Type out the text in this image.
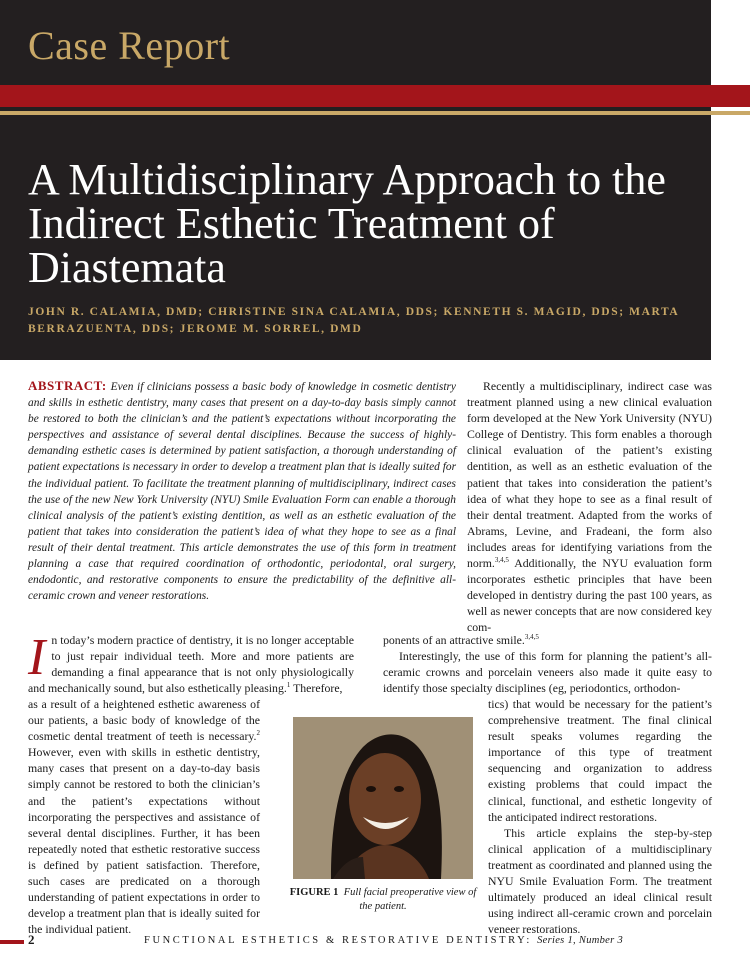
Case Report
A Multidisciplinary Approach to the Indirect Esthetic Treatment of Diastemata
JOHN R. CALAMIA, DMD; CHRISTINE SINA CALAMIA, DDS; KENNETH S. MAGID, DDS; MARTA BERRAZUENTA, DDS; JEROME M. SORREL, DMD
ABSTRACT: Even if clinicians possess a basic body of knowledge in cosmetic dentistry and skills in esthetic dentistry, many cases that present on a day-to-day basis simply cannot be restored to both the clinician’s and the patient’s expectations without incorporating the perspectives and assistance of several dental disciplines. Because the success of highly-demanding esthetic cases is determined by patient satisfaction, a thorough understanding of patient expectations is necessary in order to develop a treatment plan that is ideally suited for the individual patient. To facilitate the treatment planning of multidisciplinary, indirect cases the use of the new New York University (NYU) Smile Evaluation Form can enable a thorough clinical analysis of the patient’s existing dentition, as well as an esthetic evaluation of the patient that takes into consideration the patient’s idea of what they hope to see as a final result of their dental treatment. This article demonstrates the use of this form in treatment planning a case that required coordination of orthodontic, periodontal, oral surgery, endodontic, and restorative components to ensure the predictability of the definitive all-ceramic crown and veneer restorations.

Recently a multidisciplinary, indirect case was treatment planned using a new clinical evaluation form developed at the New York University (NYU) College of Dentistry. This form enables a thorough clinical evaluation of the patient’s existing dentition, as well as an esthetic evaluation of the patient that takes into consideration the patient’s idea of what they hope to see as a final result of their dental treatment. Adapted from the works of Abrams, Levine, and Fradeani, the form also includes areas for identifying variations from the norm.$^{3,4,5}$ Additionally, the NYU evaluation form incorporates esthetic principles that have been developed in dentistry during the past 100 years, as well as newer concepts that are now considered key com-

In today’s modern practice of dentistry, it is no longer acceptable to just repair individual teeth. More and more patients are demanding a final appearance that is not only physiologically and mechanically sound, but also esthetically pleasing.$^1$ Therefore,
ponents of an attractive smile.$^{3,4,5}$
Interestingly, the use of this form for planning the patient’s all-ceramic crowns and porcelain veneers also made it quite easy to identify those specialty disciplines (eg, periodontics, orthodon-
as a result of a heightened esthetic awareness of our patients, a basic body of knowledge of the cosmetic dental treatment of teeth is necessary.$^2$ However, even with skills in esthetic dentistry, many cases that present on a day-to-day basis simply cannot be restored to both the clinician’s and the patient’s expectations without incorporating the perspectives and assistance of several dental disciplines. Further, it has been repeatedly noted that esthetic restorative success is defined by patient satisfaction. Therefore, such cases are predicated on a thorough understanding of patient expectations in order to develop a treatment plan that is ideally suited for the individual patient.
FIGURE 1 Full facial preoperative view of the patient.

tics) that would be necessary for the patient’s comprehensive treatment. The final clinical result speaks volumes regarding the importance of this type of treatment sequencing and organization to address existing problems that could impact the clinical, functional, and esthetic longevity of the anticipated indirect restorations.

This article explains the step-by-step clinical application of a multidisciplinary treatment as coordinated and planned using the NYU Smile Evaluation Form. The treatment ultimately produced an ideal clinical result using indirect all-ceramic crown and porcelain veneer restorations.

2	FUNCTIONAL ESTHETICS & RESTORATIVE DENTISTRY: Series 1, Number 3
